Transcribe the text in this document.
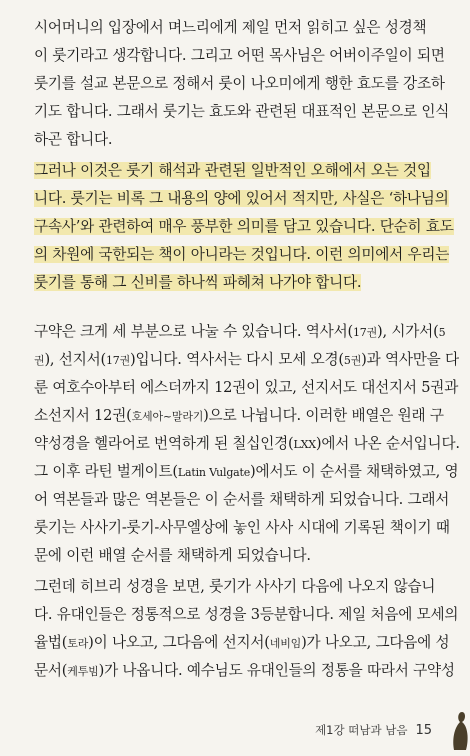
시어머니의 입장에서 며느리에게 제일 먼저 읽히고 싶은 성경책

이 룻기라고 생각합니다. 그리고 어떤 목사님은 어버이주일이 되면

룻기를 설교 본문으로 정해서 룻이 나오미에게 행한 효도를 강조하

기도 합니다. 그래서 룻기는 효도와 관련된 대표적인 본문으로 인식

하곤 합니다.

그러나 이것은 룻기 해석과 관련된 일반적인 오해에서 오는 것입

니다. 룻기는 비록 그 내용의 양에 있어서 적지만, 사실은 ‘하나님의

구속사’와 관련하여 매우 풍부한 의미를 담고 있습니다. 단순히 효도

의 차원에 국한되는 책이 아니라는 것입니다. 이런 의미에서 우리는

룻기를 통해 그 신비를 하나씩 파헤쳐 나가야 합니다.

구약은 크게 세 부분으로 나눌 수 있습니다. 역사서(17권), 시가서(5

권), 선지서(17권)입니다. 역사서는 다시 모세 오경(5권)과 역사만을 다

룬 여호수아부터 에스더까지 12권이 있고, 선지서도 대선지서 5권과

소선지서 12권(호세아~말라기)으로 나뉩니다. 이러한 배열은 원래 구

약성경을 헬라어로 번역하게 된 칠십인경(LXX)에서 나온 순서입니다.

그 이후 라틴 벌게이트(Latin Vulgate)에서도 이 순서를 채택하였고, 영

어 역본들과 많은 역본들은 이 순서를 채택하게 되었습니다. 그래서

룻기는 사사기-룻기-사무엘상에 놓인 사사 시대에 기록된 책이기 때

문에 이런 배열 순서를 채택하게 되었습니다.

그런데 히브리 성경을 보면, 룻기가 사사기 다음에 나오지 않습니

다. 유대인들은 정통적으로 성경을 3등분합니다. 제일 처음에 모세의

율법(토라)이 나오고, 그다음에 선지서(네비임)가 나오고, 그다음에 성

문서(케투빔)가 나옵니다. 예수님도 유대인들의 정통을 따라서 구약성

제1강 떠남과 남음 15
